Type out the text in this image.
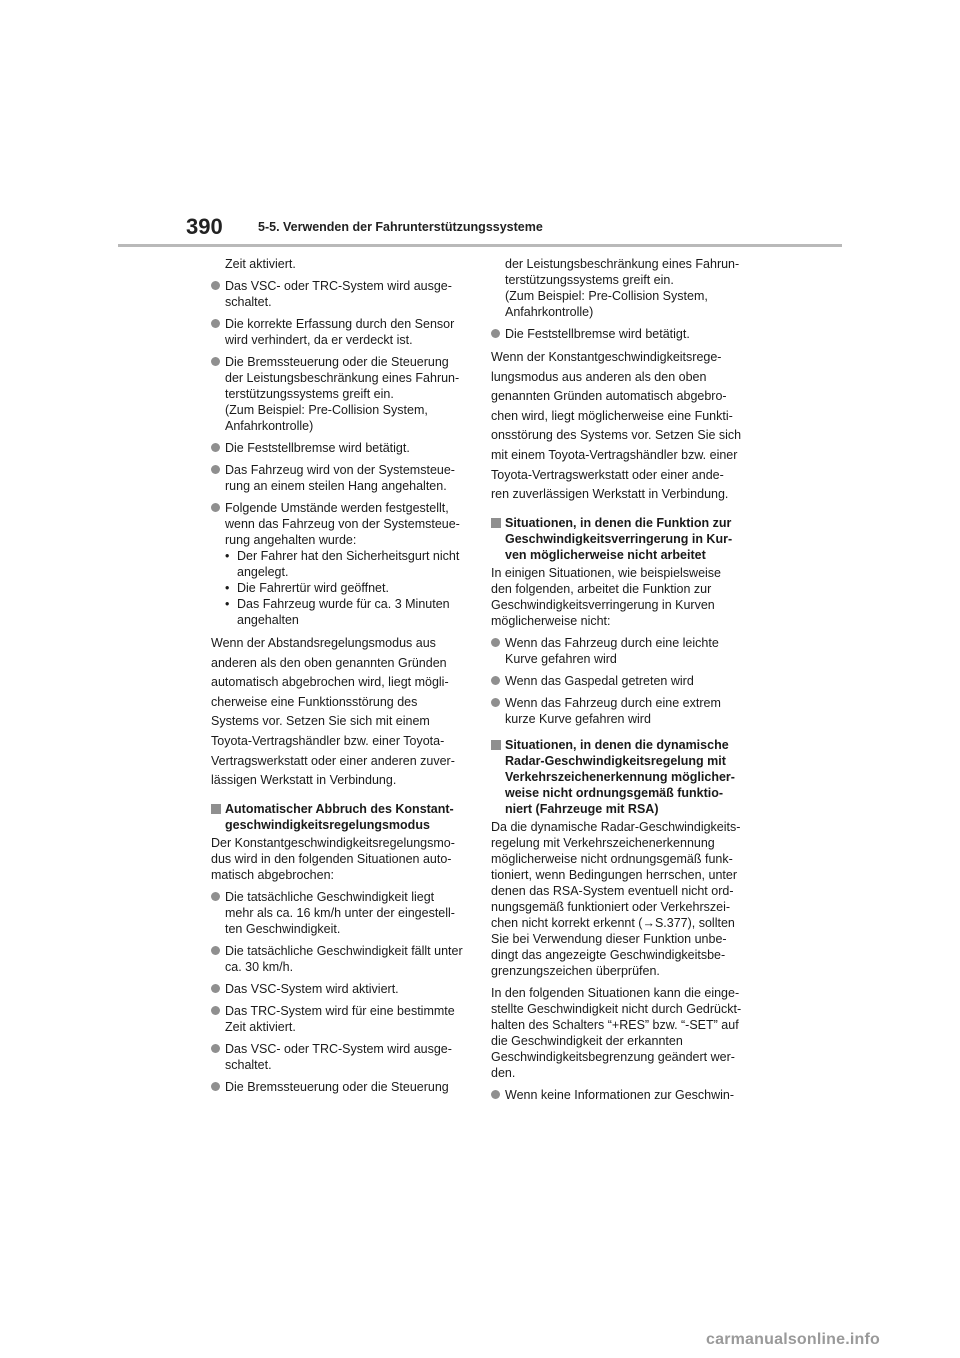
390	5-5. Verwenden der Fahrunterstützungssysteme
Zeit aktiviert.
Das VSC- oder TRC-System wird ausge-
schaltet.
Die korrekte Erfassung durch den Sensor
wird verhindert, da er verdeckt ist.
Die Bremssteuerung oder die Steuerung
der Leistungsbeschränkung eines Fahrun-
terstützungssystems greift ein.
(Zum Beispiel: Pre-Collision System,
Anfahrkontrolle)
Die Feststellbremse wird betätigt.
Das Fahrzeug wird von der Systemsteue-
rung an einem steilen Hang angehalten.
Folgende Umstände werden festgestellt,
wenn das Fahrzeug von der Systemsteue-
rung angehalten wurde:
• Der Fahrer hat den Sicherheitsgurt nicht
angelegt.
• Die Fahrertür wird geöffnet.
• Das Fahrzeug wurde für ca. 3 Minuten
angehalten
Wenn der Abstandsregelungsmodus aus
anderen als den oben genannten Gründen
automatisch abgebrochen wird, liegt mögli-
cherweise eine Funktionsstörung des
Systems vor. Setzen Sie sich mit einem
Toyota-Vertragshändler bzw. einer Toyota-
Vertragswerkstatt oder einer anderen zuver-
lässigen Werkstatt in Verbindung.
Automatischer Abbruch des Konstant-
geschwindigkeitsregelungsmodus
Der Konstantgeschwindigkeitsregelungsmo-
dus wird in den folgenden Situationen auto-
matisch abgebrochen:
Die tatsächliche Geschwindigkeit liegt
mehr als ca. 16 km/h unter der eingestell-
ten Geschwindigkeit.
Die tatsächliche Geschwindigkeit fällt unter
ca. 30 km/h.
Das VSC-System wird aktiviert.
Das TRC-System wird für eine bestimmte
Zeit aktiviert.
Das VSC- oder TRC-System wird ausge-
schaltet.
Die Bremssteuerung oder die Steuerung
der Leistungsbeschränkung eines Fahrun-
terstützungssystems greift ein.
(Zum Beispiel: Pre-Collision System,
Anfahrkontrolle)
Die Feststellbremse wird betätigt.
Wenn der Konstantgeschwindigkeitsrege-
lungsmodus aus anderen als den oben
genannten Gründen automatisch abgebro-
chen wird, liegt möglicherweise eine Funkti-
onsstörung des Systems vor. Setzen Sie sich
mit einem Toyota-Vertragshändler bzw. einer
Toyota-Vertragswerkstatt oder einer ande-
ren zuverlässigen Werkstatt in Verbindung.
Situationen, in denen die Funktion zur
Geschwindigkeitsverringerung in Kur-
ven möglicherweise nicht arbeitet
In einigen Situationen, wie beispielsweise
den folgenden, arbeitet die Funktion zur
Geschwindigkeitsverringerung in Kurven
möglicherweise nicht:
Wenn das Fahrzeug durch eine leichte
Kurve gefahren wird
Wenn das Gaspedal getreten wird
Wenn das Fahrzeug durch eine extrem
kurze Kurve gefahren wird
Situationen, in denen die dynamische
Radar-Geschwindigkeitsregelung mit
Verkehrszeichenerkennung möglicher-
weise nicht ordnungsgemäß funktio-
niert (Fahrzeuge mit RSA)
Da die dynamische Radar-Geschwindigkeits-
regelung mit Verkehrszeichenerkennung
möglicherweise nicht ordnungsgemäß funk-
tioniert, wenn Bedingungen herrschen, unter
denen das RSA-System eventuell nicht ord-
nungsgemäß funktioniert oder Verkehrszei-
chen nicht korrekt erkennt (→S.377), sollten
Sie bei Verwendung dieser Funktion unbe-
dingt das angezeigte Geschwindigkeitsbe-
grenzungszeichen überprüfen.
In den folgenden Situationen kann die einge-
stellte Geschwindigkeit nicht durch Gedrückt-
halten des Schalters “+RES” bzw. “-SET” auf
die Geschwindigkeit der erkannten
Geschwindigkeitsbegrenzung geändert wer-
den.
Wenn keine Informationen zur Geschwin-
carmanualsonline.info
